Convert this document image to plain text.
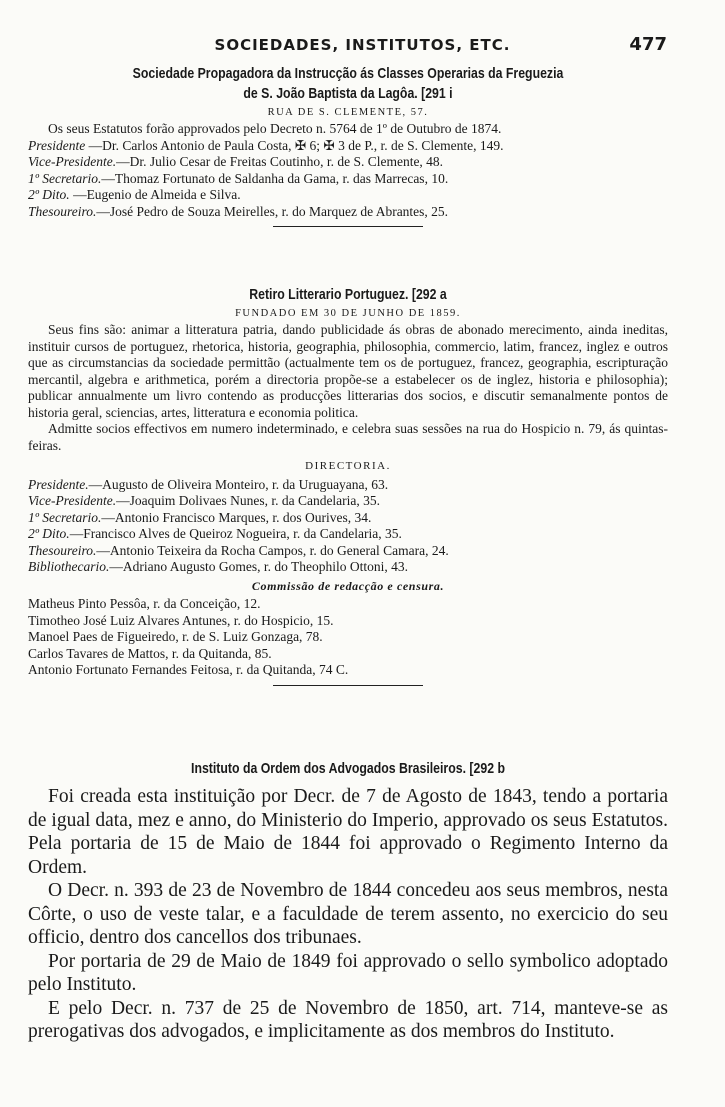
SOCIEDADES, INSTITUTOS, ETC.	477
Sociedade Propagadora da Instrucção ás Classes Operarias da Freguezia
de S. João Baptista da Lagôa. [291 i
RUA DE S. CLEMENTE, 57.

Os seus Estatutos forão approvados pelo Decreto n. 5764 de 1º de Outubro de 1874.

Presidente —Dr. Carlos Antonio de Paula Costa, ✠ 6; ✠ 3 de P., r. de S. Clemente, 149.

Vice-Presidente.—Dr. Julio Cesar de Freitas Coutinho, r. de S. Clemente, 48.

1º Secretario.—Thomaz Fortunato de Saldanha da Gama, r. das Marrecas, 10.

2º Dito. —Eugenio de Almeida e Silva.

Thesoureiro.—José Pedro de Souza Meirelles, r. do Marquez de Abrantes, 25.

Retiro Litterario Portuguez. [292 a
FUNDADO EM 30 DE JUNHO DE 1859.

Seus fins são: animar a litteratura patria, dando publicidade ás obras de abonado merecimento, ainda ineditas, instituir cursos de portuguez, rhetorica, historia, geographia, philosophia, commercio, latim, francez, inglez e outros que as circumstancias da sociedade permittão (actualmente tem os de portuguez, francez, geographia, escripturação mercantil, algebra e arithmetica, porém a directoria propõe-se a estabelecer os de inglez, historia e philosophia); publicar annualmente um livro contendo as producções litterarias dos socios, e discutir semanalmente pontos de historia geral, sciencias, artes, litteratura e economia politica.

Admitte socios effectivos em numero indeterminado, e celebra suas sessões na rua do Hospicio n. 79, ás quintas-feiras.

DIRECTORIA.

Presidente.—Augusto de Oliveira Monteiro, r. da Uruguayana, 63.

Vice-Presidente.—Joaquim Dolivaes Nunes, r. da Candelaria, 35.

1º Secretario.—Antonio Francisco Marques, r. dos Ourives, 34.

2º Dito.—Francisco Alves de Queiroz Nogueira, r. da Candelaria, 35.

Thesoureiro.—Antonio Teixeira da Rocha Campos, r. do General Camara, 24.

Bibliothecario.—Adriano Augusto Gomes, r. do Theophilo Ottoni, 43.

Commissão de redacção e censura.

Matheus Pinto Pessôa, r. da Conceição, 12.

Timotheo José Luiz Alvares Antunes, r. do Hospicio, 15.

Manoel Paes de Figueiredo, r. de S. Luiz Gonzaga, 78.

Carlos Tavares de Mattos, r. da Quitanda, 85.

Antonio Fortunato Fernandes Feitosa, r. da Quitanda, 74 C.

Instituto da Ordem dos Advogados Brasileiros. [292 b

Foi creada esta instituição por Decr. de 7 de Agosto de 1843, tendo a portaria de igual data, mez e anno, do Ministerio do Imperio, approvado os seus Estatutos. Pela portaria de 15 de Maio de 1844 foi approvado o Regimento Interno da Ordem.

O Decr. n. 393 de 23 de Novembro de 1844 concedeu aos seus membros, nesta Côrte, o uso de veste talar, e a faculdade de terem assento, no exercicio do seu officio, dentro dos cancellos dos tribunaes.

Por portaria de 29 de Maio de 1849 foi approvado o sello symbolico adoptado pelo Instituto.

E pelo Decr. n. 737 de 25 de Novembro de 1850, art. 714, manteve-se as prerogativas dos advogados, e implicitamente as dos membros do Instituto.
